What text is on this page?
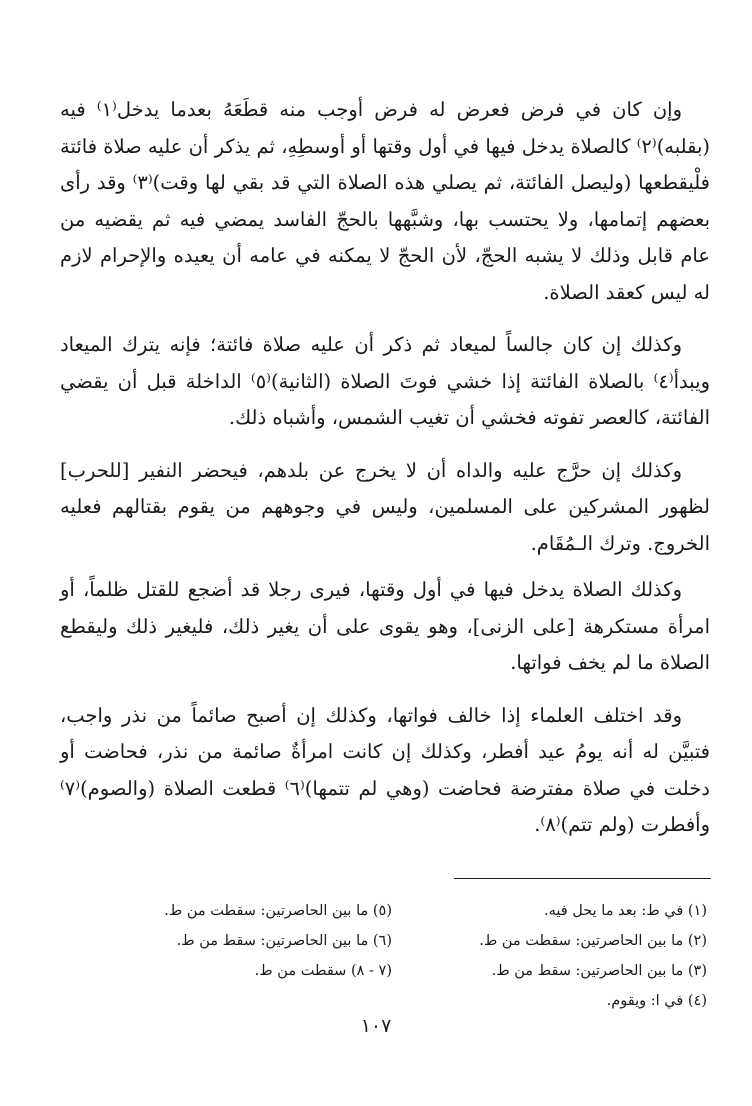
وإن كان في فرض فعرض له فرض أوجب منه قطَعَهُ بعدما يدخل⁽١⁾ فيه (بقلبه)⁽٢⁾ كالصلاة يدخل فيها في أول وقتها أو أوسطِهِ، ثم يذكر أن عليه صلاة فائتة فلْيقطعها (وليصل الفائتة، ثم يصلي هذه الصلاة التي قد بقي لها وقت)⁽٣⁾ وقد رأى بعضهم إتمامها، ولا يحتسب بها، وشبَّهها بالحجّ الفاسد يمضي فيه ثم يقضيه من عام قابل وذلك لا يشبه الحجّ، لأن الحجّ لا يمكنه في عامه أن يعيده والإحرام لازم له ليس كعقد الصلاة.

وكذلك إن كان جالساً لميعاد ثم ذكر أن عليه صلاة فائتة؛ فإنه يترك الميعاد ويبدأ⁽٤⁾ بالصلاة الفائتة إذا خشي فوتَ الصلاة (الثانية)⁽٥⁾ الداخلة قبل أن يقضي الفائتة، كالعصر تفوته فخشي أن تغيب الشمس، وأشباه ذلك.

وكذلك إن حرَّج عليه والداه أن لا يخرج عن بلدهم، فيحضر النفير [للحرب] لظهور المشركين على المسلمين، وليس في وجوههم من يقوم بقتالهم فعليه الخروج. وترك الـمُقَام.

وكذلك الصلاة يدخل فيها في أول وقتها، فيرى رجلا قد أضجع للقتل ظلماً، أو امرأة مستكرهة [على الزنى]، وهو يقوى على أن يغير ذلك، فليغير ذلك وليقطع الصلاة ما لم يخف فواتها.

وقد اختلف العلماء إذا خالف فواتها، وكذلك إن أصبح صائماً من نذر واجب، فتبيَّن له أنه يومُ عيد أفطر، وكذلك إن كانت امرأةٌ صائمة من نذر، فحاضت أو دخلت في صلاة مفترضة فحاضت (وهي لم تتمها)⁽٦⁾ قطعت الصلاة (والصوم)⁽٧⁾ وأفطرت (ولم تتم)⁽٨⁾.

(١) في ط: بعد ما يحل فيه.
(٢) ما بين الحاصرتين: سقطت من ط.
(٣) ما بين الحاصرتين: سقط من ط.
(٤) في ا: ويقوم.
(٥) ما بين الحاصرتين: سقطت من ط.
(٦) ما بين الحاصرتين: سقط من ط.
(٧ - ٨) سقطت من ط.
١٠٧
